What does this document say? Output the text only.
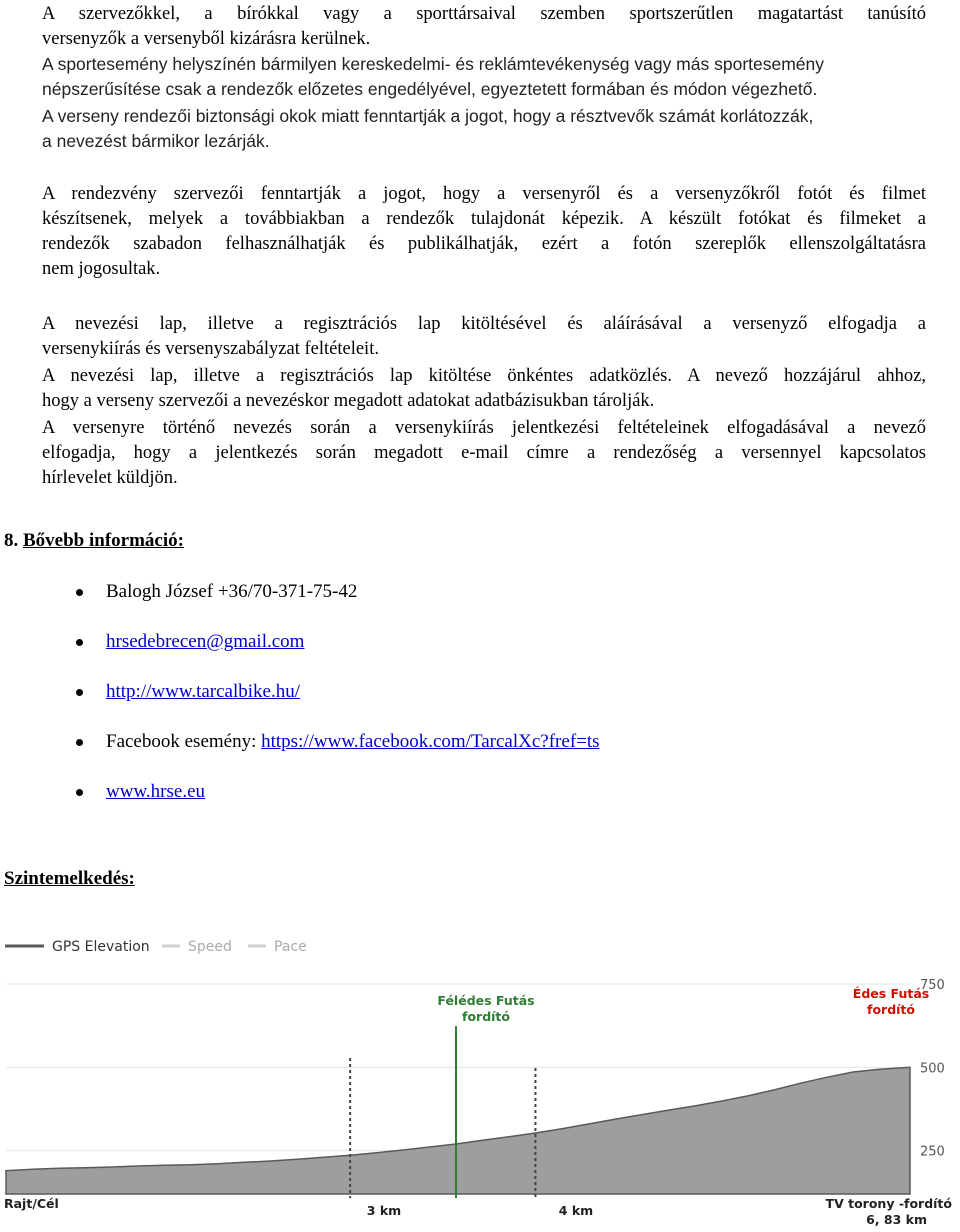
A szervezőkkel, a bírókkal vagy a sporttársaival szemben sportszerűtlen magatartást tanúsító
versenyzők a versenyből kizárásra kerülnek.
A sportesemény helyszínén bármilyen kereskedelmi- és reklámtevékenység vagy más sportesemény
népszerűsítése csak a rendezők előzetes engedélyével, egyeztetett formában és módon végezhető.
A verseny rendezői biztonsági okok miatt fenntartják a jogot, hogy a résztvevők számát korlátozzák,
a nevezést bármikor lezárják.
A rendezvény szervezői fenntartják a jogot, hogy a versenyről és a versenyzőkről fotót és filmet
készítsenek, melyek a továbbiakban a rendezők tulajdonát képezik. A készült fotókat és filmeket a
rendezők szabadon felhasználhatják és publikálhatják, ezért a fotón szereplők ellenszolgáltatásra
nem jogosultak.
A nevezési lap, illetve a regisztrációs lap kitöltésével és aláírásával a versenyző elfogadja a
versenykiírás és versenyszabályzat feltételeit.
A nevezési lap, illetve a regisztrációs lap kitöltése önkéntes adatközlés. A nevező hozzájárul ahhoz,
hogy a verseny szervezői a nevezéskor megadott adatokat adatbázisukban tárolják.
A versenyre történő nevezés során a versenykiírás jelentkezési feltételeinek elfogadásával a nevező
elfogadja, hogy a jelentkezés során megadott e-mail címre a rendezőség a versennyel kapcsolatos
hírlevelet küldjön.
8. Bővebb információ:
Balogh József +36/70-371-75-42
hrsedebrecen@gmail.com
http://www.tarcalbike.hu/
Facebook esemény: https://www.facebook.com/TarcalXc?fref=ts
www.hrse.eu
Szintemelkedés:
GPS Elevation	Speed	Pace
750
500
250
Félédes Futás
fordító
Édes Futás
fordító
Rajt/Cél	3 km	4 km	TV torony -fordító
6, 83 km
